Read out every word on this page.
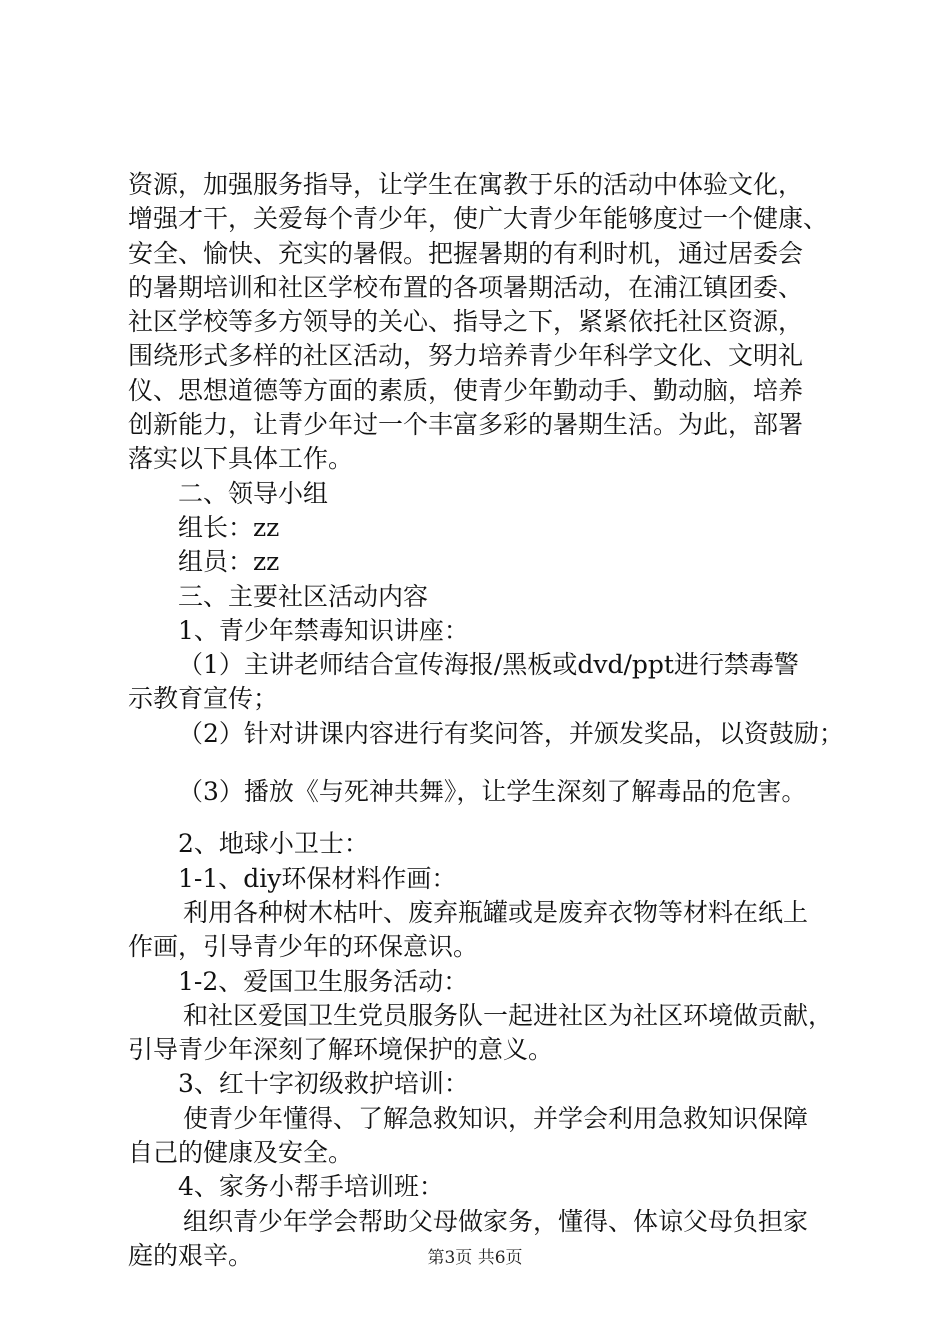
资源，加强服务指导，让学生在寓教于乐的活动中体验文化，
增强才干，关爱每个青少年，使广大青少年能够度过一个健康、
安全、愉快、充实的暑假。把握暑期的有利时机，通过居委会
的暑期培训和社区学校布置的各项暑期活动，在浦江镇团委、
社区学校等多方领导的关心、指导之下，紧紧依托社区资源，
围绕形式多样的社区活动，努力培养青少年科学文化、文明礼
仪、思想道德等方面的素质，使青少年勤动手、勤动脑，培养
创新能力，让青少年过一个丰富多彩的暑期生活。为此，部署
落实以下具体工作。
二、领导小组
组长：zz
组员：zz
三、主要社区活动内容
1、青少年禁毒知识讲座：
（1）主讲老师结合宣传海报/黑板或dvd/ppt进行禁毒警
示教育宣传；
（2）针对讲课内容进行有奖问答，并颁发奖品，以资鼓励；
（3）播放《与死神共舞》，让学生深刻了解毒品的危害。
2、地球小卫士：
1-1、diy环保材料作画：
利用各种树木枯叶、废弃瓶罐或是废弃衣物等材料在纸上
作画，引导青少年的环保意识。
1-2、爱国卫生服务活动：
和社区爱国卫生党员服务队一起进社区为社区环境做贡献，
引导青少年深刻了解环境保护的意义。
3、红十字初级救护培训：
使青少年懂得、了解急救知识，并学会利用急救知识保障
自己的健康及安全。
4、家务小帮手培训班：
组织青少年学会帮助父母做家务，懂得、体谅父母负担家
庭的艰辛。	第3页 共6页
